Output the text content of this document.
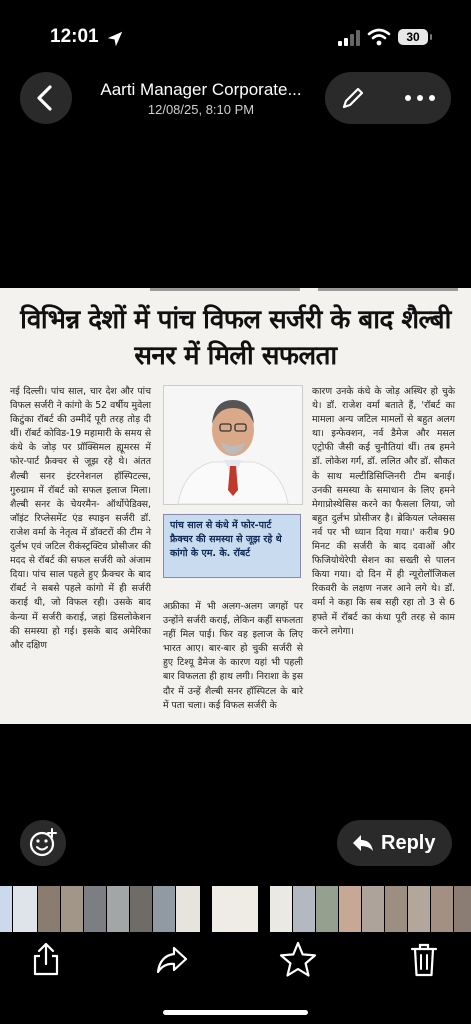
12:01	30
Aarti Manager Corporate...
12/08/25, 8:10 PM
विभिन्न देशों में पांच विफल सर्जरी के बाद शैल्बी सनर में मिली सफलता
नई दिल्ली। पांच साल, चार देश और पांच विफल सर्जरी ने कांगो के 52 वर्षीय मुवेला किटुंका रॉबर्ट की उम्मीदें पूरी तरह तोड़ दी थीं। रॉबर्ट कोविड-19 महामारी के समय से कंधे के जोड़ पर प्रॉक्सिमल ह्यूमरस में फोर-पार्ट फ्रैक्चर से जूझ रहे थे। अंतत शैल्बी सनर इंटरनेशनल हॉस्पिटल्स, गुरुग्राम में रॉबर्ट को सफल इलाज मिला। शैल्बी सनर के चेयरमैन- ऑर्थोपेडिक्स, जॉइंट रिप्लेसमेंट एंड स्पाइन सर्जरी डॉ. राजेश वर्मा के नेतृत्व में डॉक्टरों की टीम ने दुर्लभ एवं जटिल रीकंस्ट्रक्टिव प्रोसीजर की मदद से रॉबर्ट की सफल सर्जरी को अंजाम दिया। पांच साल पहले हुए फ्रैक्चर के बाद रॉबर्ट ने सबसे पहले कांगो में ही सर्जरी कराई थी, जो विफल रही। उसके बाद केन्या में सर्जरी कराई, जहां डिसलोकेशन की समस्या हो गई। इसके बाद अमेरिका और दक्षिण
पांच साल से कंधे में फोर-पार्ट फ्रैक्चर की समस्या से जूझ रहे थे कांगो के एम. के. रॉबर्ट
अफ्रीका में भी अलग-अलग जगहों पर उन्होंने सर्जरी कराई, लेकिन कहीं सफलता नहीं मिल पाई। फिर वह इलाज के लिए भारत आए। बार-बार हो चुकी सर्जरी से हुए टिश्यू डैमेज के कारण यहां भी पहली बार विफलता ही हाथ लगी। निराशा के इस दौर में उन्हें शैल्बी सनर हॉस्पिटल के बारे में पता चला। कई विफल सर्जरी के
कारण उनके कंधे के जोड़ अस्थिर हो चुके थे। डॉ. राजेश वर्मा बताते हैं, 'रॉबर्ट का मामला अन्य जटिल मामलों से बहुत अलग था। इन्फेक्शन, नर्व डैमेज और मसल एट्रोफी जैसी कई चुनौतियां थीं। तब हमने डॉ. लोकेश गर्ग, डॉ. ललित और डॉ. सौकत के साथ मल्टीडिसिप्लिनरी टीम बनाई। उनकी समस्या के समाधान के लिए हमने मेगाप्रोस्थेसिस करने का फैसला लिया, जो बहुत दुर्लभ प्रोसीजर है। ब्रेकियल प्लेक्सस नर्व पर भी ध्यान दिया गया।' करीब 90 मिनट की सर्जरी के बाद दवाओं और फिजियोथेरेपी सेशन का सख्ती से पालन किया गया। दो दिन में ही न्यूरोलॉजिकल रिकवरी के लक्षण नजर आने लगे थे। डॉ. वर्मा ने कहा कि सब सही रहा तो 3 से 6 हफ्ते में रॉबर्ट का कंधा पूरी तरह से काम करने लगेगा।
Reply
